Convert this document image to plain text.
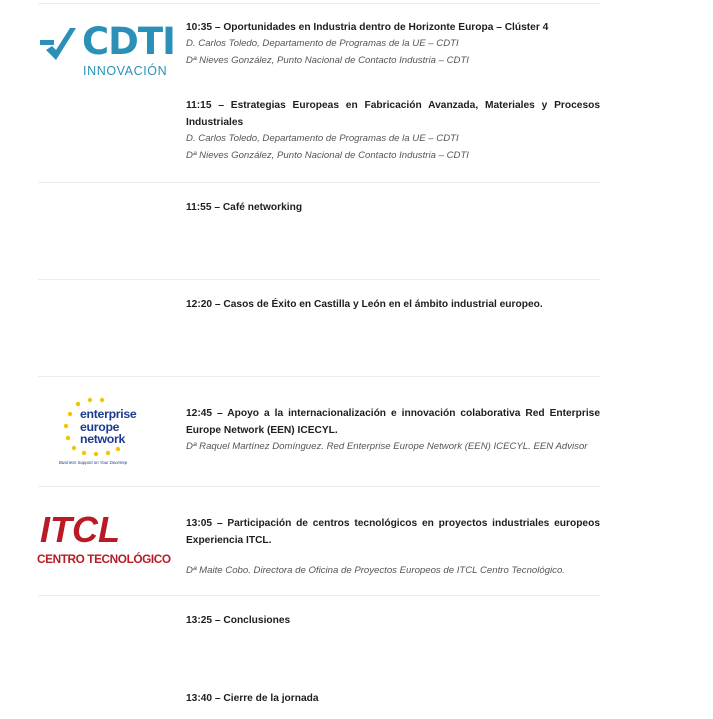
CDTI
INNOVACIÓN
enterprise
europe
network
Business Support on Your Doorstep
ITCL
CENTRO TECNOLÓGICO

10:35 – Oportunidades en Industria dentro de Horizonte Europa – Clúster 4

D. Carlos Toledo, Departamento de Programas de la UE – CDTI

Dª Nieves González, Punto Nacional de Contacto Industria – CDTI

11:15 – Estrategias Europeas en Fabricación Avanzada, Materiales y Procesos Industriales

D. Carlos Toledo, Departamento de Programas de la UE – CDTI

Dª Nieves González, Punto Nacional de Contacto Industria – CDTI

11:55 – Café networking

12:20 – Casos de Éxito en Castilla y León en el ámbito industrial europeo.

12:45 – Apoyo a la internacionalización e innovación colaborativa Red Enterprise Europe Network (EEN) ICECYL.

Dª Raquel Martínez Domínguez. Red Enterprise Europe Network (EEN) ICECYL. EEN Advisor

13:05 – Participación de centros tecnológicos en proyectos industriales europeos Experiencia ITCL.

Dª Maite Cobo. Directora de Oficina de Proyectos Europeos de ITCL Centro Tecnológico.

13:25 – Conclusiones

13:40 – Cierre de la jornada
